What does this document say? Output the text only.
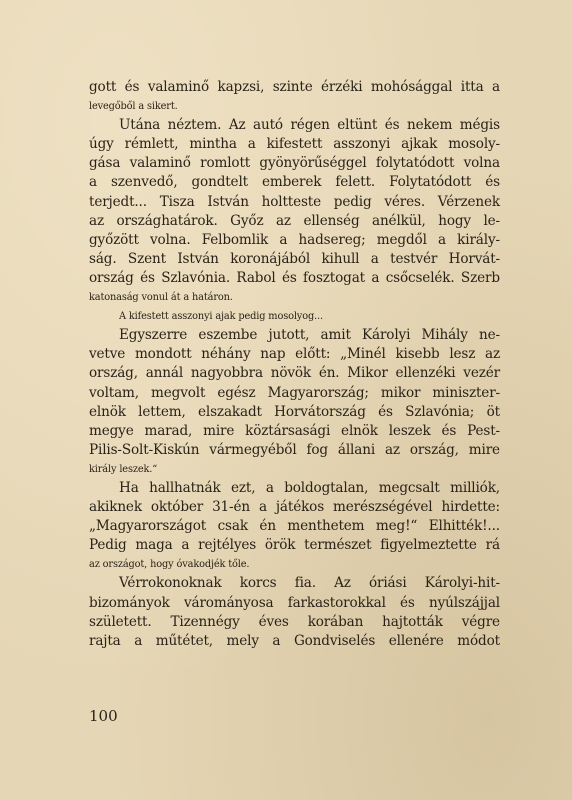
gott és valaminő kapzsi, szinte érzéki mohósággal itta a
levegőből a sikert.
Utána néztem. Az autó régen eltünt és nekem mégis
úgy rémlett, mintha a kifestett asszonyi ajkak mosoly-
gása valaminő romlott gyönyörűséggel folytatódott volna
a szenvedő, gondtelt emberek felett. Folytatódott és
terjedt... Tisza István holtteste pedig véres. Vérzenek
az országhatárok. Győz az ellenség anélkül, hogy le-
győzött volna. Felbomlik a hadsereg; megdől a király-
ság. Szent István koronájából kihull a testvér Horvát-
ország és Szlavónia. Rabol és fosztogat a csőcselék. Szerb
katonaság vonul át a határon.
A kifestett asszonyi ajak pedig mosolyog...
Egyszerre eszembe jutott, amit Károlyi Mihály ne-
vetve mondott néhány nap előtt: „Minél kisebb lesz az
ország, annál nagyobbra növök én. Mikor ellenzéki vezér
voltam, megvolt egész Magyarország; mikor miniszter-
elnök lettem, elszakadt Horvátország és Szlavónia; öt
megye marad, mire köztársasági elnök leszek és Pest-
Pilis-Solt-Kiskún vármegyéből fog állani az ország, mire
király leszek.“
Ha hallhatnák ezt, a boldogtalan, megcsalt milliók,
akiknek október 31-én a játékos merészségével hirdette:
„Magyarországot csak én menthetem meg!“ Elhitték!...
Pedig maga a rejtélyes örök természet figyelmeztette rá
az országot, hogy óvakodjék tőle.
Vérrokonoknak korcs fia. Az óriási Károlyi-hit-
bizományok várományosa farkastorokkal és nyúlszájjal
született. Tizennégy éves korában hajtották végre
rajta a műtétet, mely a Gondviselés ellenére módot
100
